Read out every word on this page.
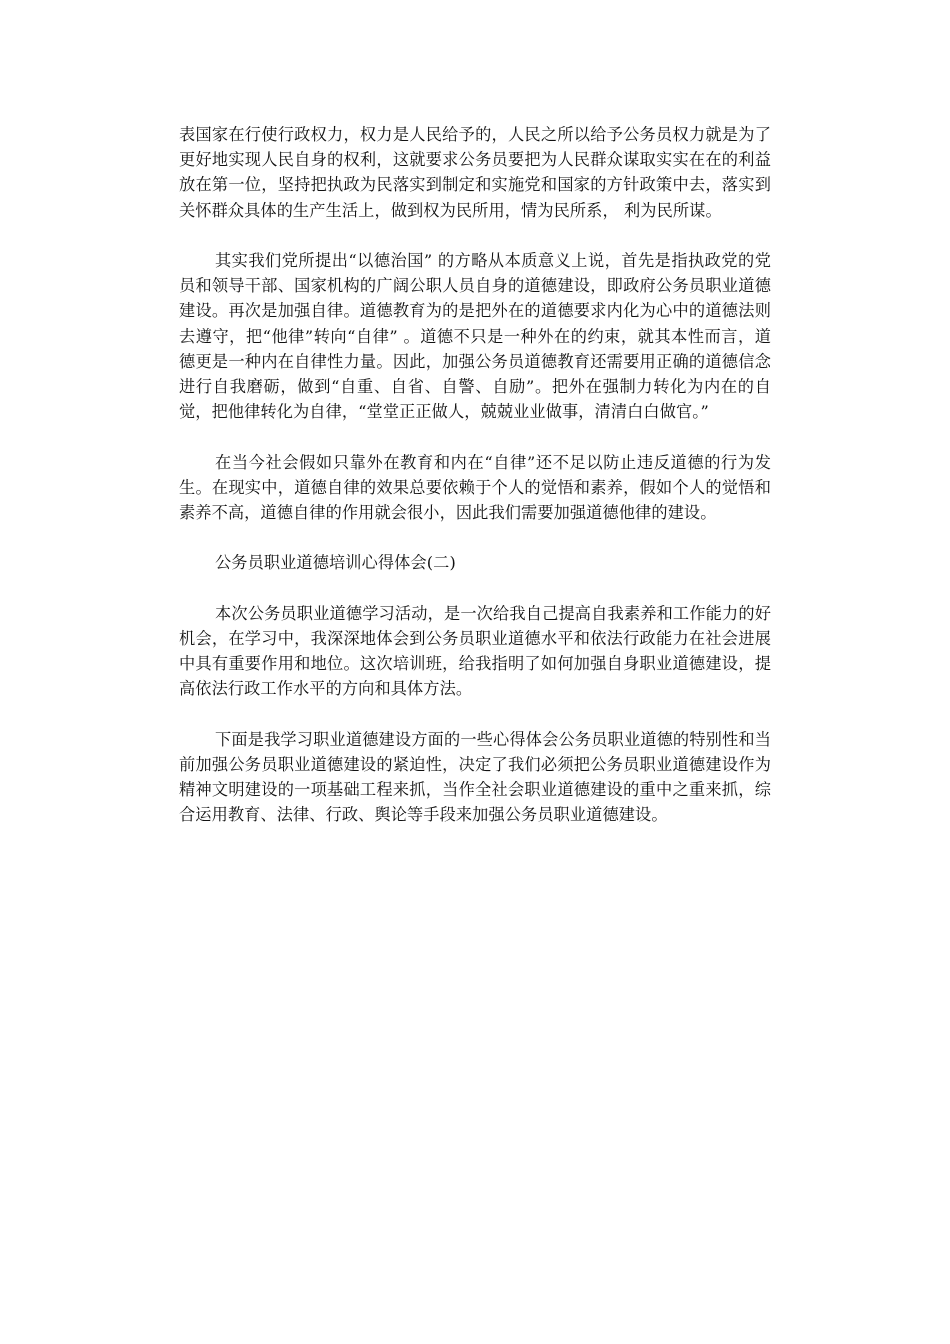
表国家在行使行政权力，权力是人民给予的，人民之所以给予公务员权力就是为了更好地实现人民自身的权利，这就要求公务员要把为人民群众谋取实实在在的利益放在第一位，坚持把执政为民落实到制定和实施党和国家的方针政策中去，落实到关怀群众具体的生产生活上，做到权为民所用，情为民所系， 利为民所谋。

其实我们党所提出“以德治国” 的方略从本质意义上说，首先是指执政党的党员和领导干部、国家机构的广阔公职人员自身的道德建设，即政府公务员职业道德建设。再次是加强自律。道德教育为的是把外在的道德要求内化为心中的道德法则去遵守，把“他律”转向“自律” 。道德不只是一种外在的约束，就其本性而言，道德更是一种内在自律性力量。因此，加强公务员道德教育还需要用正确的道德信念进行自我磨砺，做到“自重、自省、自警、自励”。把外在强制力转化为内在的自觉，把他律转化为自律，“堂堂正正做人，兢兢业业做事，清清白白做官。”

在当今社会假如只靠外在教育和内在“自律”还不足以防止违反道德的行为发生。在现实中，道德自律的效果总要依赖于个人的觉悟和素养，假如个人的觉悟和素养不高，道德自律的作用就会很小，因此我们需要加强道德他律的建设。

公务员职业道德培训心得体会(二)

本次公务员职业道德学习活动，是一次给我自己提高自我素养和工作能力的好机会，在学习中，我深深地体会到公务员职业道德水平和依法行政能力在社会进展中具有重要作用和地位。这次培训班，给我指明了如何加强自身职业道德建设，提高依法行政工作水平的方向和具体方法。

下面是我学习职业道德建设方面的一些心得体会公务员职业道德的特别性和当前加强公务员职业道德建设的紧迫性，决定了我们必须把公务员职业道德建设作为精神文明建设的一项基础工程来抓，当作全社会职业道德建设的重中之重来抓，综合运用教育、法律、行政、舆论等手段来加强公务员职业道德建设。
